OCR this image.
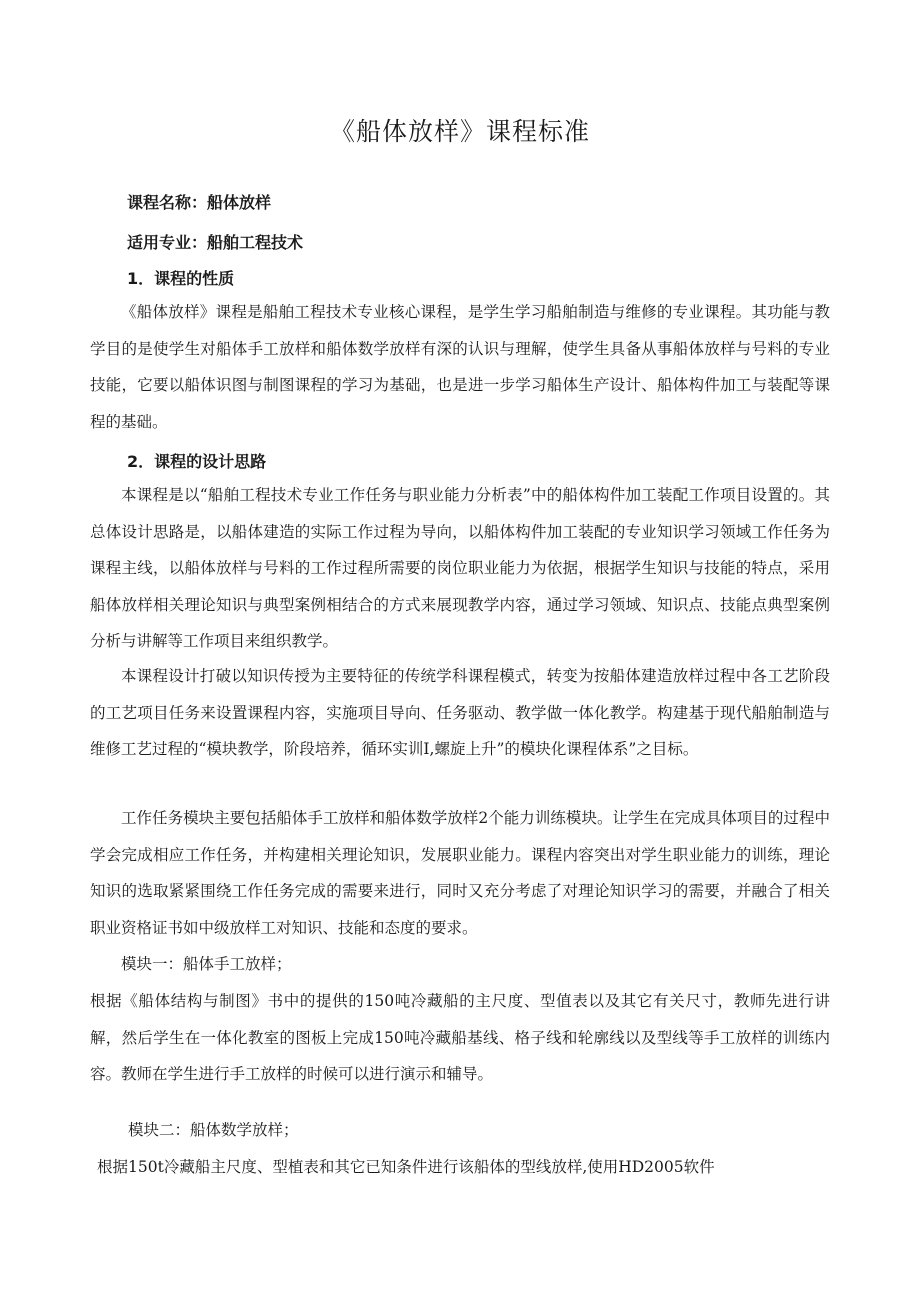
《船体放样》课程标准

课程名称：船体放样

适用专业：船舶工程技术

1．课程的性质

《船体放样》课程是船舶工程技术专业核心课程，是学生学习船舶制造与维修的专业课程。其功能与教学目的是使学生对船体手工放样和船体数学放样有深的认识与理解，使学生具备从事船体放样与号料的专业技能，它要以船体识图与制图课程的学习为基础，也是进一步学习船体生产设计、船体构件加工与装配等课程的基础。

2．课程的设计思路

本课程是以“船舶工程技术专业工作任务与职业能力分析表”中的船体构件加工装配工作项目设置的。其总体设计思路是，以船体建造的实际工作过程为导向，以船体构件加工装配的专业知识学习领域工作任务为课程主线，以船体放样与号料的工作过程所需要的岗位职业能力为依据，根据学生知识与技能的特点，采用船体放样相关理论知识与典型案例相结合的方式来展现教学内容，通过学习领域、知识点、技能点典型案例分析与讲解等工作项目来组织教学。

本课程设计打破以知识传授为主要特征的传统学科课程模式，转变为按船体建造放样过程中各工艺阶段的工艺项目任务来设置课程内容，实施项目导向、任务驱动、教学做一体化教学。构建基于现代船舶制造与维修工艺过程的“模块教学，阶段培养，循环实训I,螺旋上升”的模块化课程体系”之目标。

工作任务模块主要包括船体手工放样和船体数学放样2个能力训练模块。让学生在完成具体项目的过程中学会完成相应工作任务，并构建相关理论知识，发展职业能力。课程内容突出对学生职业能力的训练，理论知识的选取紧紧围绕工作任务完成的需要来进行，同时又充分考虑了对理论知识学习的需要，并融合了相关职业资格证书如中级放样工对知识、技能和态度的要求。

模块一：船体手工放样；

根据《船体结构与制图》书中的提供的150吨冷藏船的主尺度、型值表以及其它有关尺寸，教师先进行讲解，然后学生在一体化教室的图板上完成150吨冷藏船基线、格子线和轮廓线以及型线等手工放样的训练内容。教师在学生进行手工放样的时候可以进行演示和辅导。

模块二：船体数学放样；

根据150t冷藏船主尺度、型植表和其它已知条件进行该船体的型线放样,使用HD2005软件
